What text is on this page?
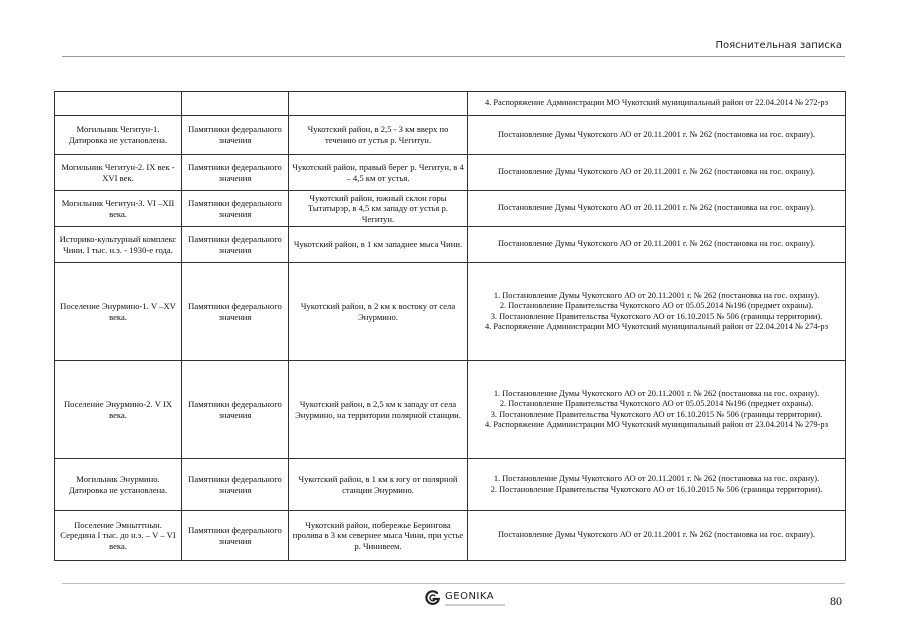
Пояснительная записка

			4. Распоряжение Администрации МО Чукотский муниципальный район от 22.04.2014 № 272-рз

Могильник Чегитун-1. Датировка не установлена.	Памятники федерального значения	Чукотский район, в 2,5 - 3 км вверх по течению от устья р. Чегитун.	Постановление Думы Чукотского АО от 20.11.2001 г. № 262 (постановка на гос. охрану).

Могильник Чегитун-2. IX век - XVI век.	Памятники федерального значения	Чукотский район, правый берег р. Чегитун, в 4 – 4,5 км от устья.	Постановление Думы Чукотского АО от 20.11.2001 г. № 262 (постановка на гос. охрану).

Могильник Чегитун-3. VI –XII века.	Памятники федерального значения	Чукотский район, южный склон горы Тытатырэр, в 4,5 км западу от устья р. Чегитун.	Постановление Думы Чукотского АО от 20.11.2001 г. № 262 (постановка на гос. охрану).

Историко-культурный комплекс Чини. I тыс. н.э. - 1930-е года.	Памятники федерального значения	Чукотский район, в 1 км западнее мыса Чини.	Постановление Думы Чукотского АО от 20.11.2001 г. № 262 (постановка на гос. охрану).

Поселение Энурмино-1. V –XV века.	Памятники федерального значения	Чукотский район, в 2 км к востоку от села Энурмино.	1. Постановление Думы Чукотского АО от 20.11.2001 г. № 262 (постановка на гос. охрану).
2. Постановление Правительства Чукотского АО от 05.05.2014 №196 (предмет охраны).
3. Постановление Правительства Чукотского АО от 16.10.2015 № 506 (границы территории).
4. Распоряжение Администрации МО Чукотский муниципальный район от 22.04.2014 № 274-рз

Поселение Энурмино-2. V IX века.	Памятники федерального значения	Чукотский район, в 2,5 км к западу от села Энурмино, на территории полярной станции.	1. Постановление Думы Чукотского АО от 20.11.2001 г. № 262 (постановка на гос. охрану).
2. Постановление Правительства Чукотского АО от 05.05.2014 №196 (предмет охраны).
3. Постановление Правительства Чукотского АО от 16.10.2015 № 506 (границы территории).
4. Распоряжение Администрации МО Чукотский муниципальный район от 23.04.2014 № 279-рз

Могильник Энурмино. Датировка не установлена.	Памятники федерального значения	Чукотский район, в 1 км к югу от полярной станции Энурмино.	1. Постановление Думы Чукотского АО от 20.11.2001 г. № 262 (постановка на гос. охрану).
2. Постановление Правительства Чукотского АО от 16.10.2015 № 506 (границы территории).

Поселение Эмныттнын. Середина I тыс. до н.э. – V – VI века.	Памятники федерального значения	Чукотский район, побережье Берингова пролива в 3 км севернее мыса Чини, при устье р. Чинивеем.	Постановление Думы Чукотского АО от 20.11.2001 г. № 262 (постановка на гос. охрану).
GEONIKA	80
